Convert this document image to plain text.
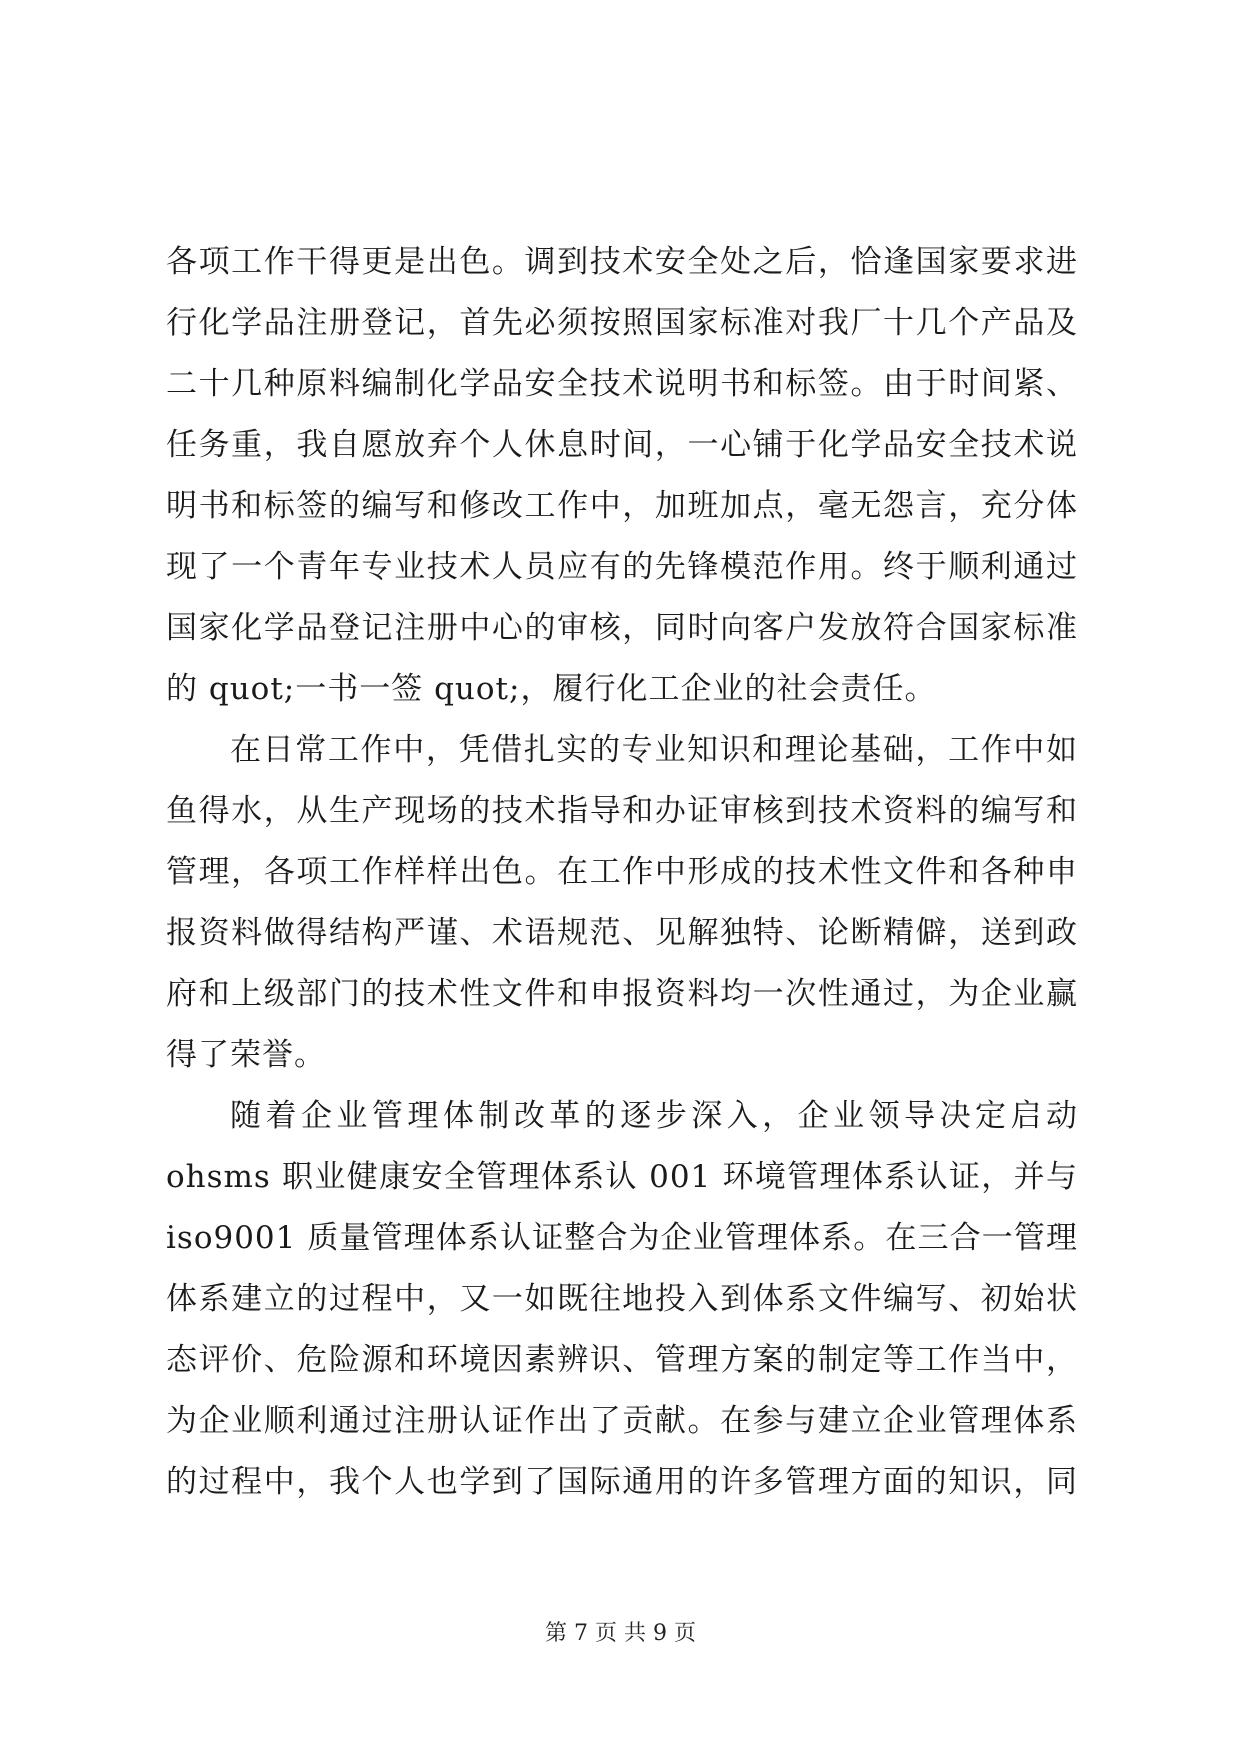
各项工作干得更是出色。调到技术安全处之后，恰逢国家要求进
行化学品注册登记，首先必须按照国家标准对我厂十几个产品及
二十几种原料编制化学品安全技术说明书和标签。由于时间紧、
任务重，我自愿放弃个人休息时间，一心铺于化学品安全技术说
明书和标签的编写和修改工作中，加班加点，毫无怨言，充分体
现了一个青年专业技术人员应有的先锋模范作用。终于顺利通过
国家化学品登记注册中心的审核，同时向客户发放符合国家标准
的 quot;一书一签 quot;，履行化工企业的社会责任。
在日常工作中，凭借扎实的专业知识和理论基础，工作中如
鱼得水，从生产现场的技术指导和办证审核到技术资料的编写和
管理，各项工作样样出色。在工作中形成的技术性文件和各种申
报资料做得结构严谨、术语规范、见解独特、论断精僻，送到政
府和上级部门的技术性文件和申报资料均一次性通过，为企业赢
得了荣誉。
随着企业管理体制改革的逐步深入，企业领导决定启动
ohsms 职业健康安全管理体系认 001 环境管理体系认证，并与
iso9001 质量管理体系认证整合为企业管理体系。在三合一管理
体系建立的过程中，又一如既往地投入到体系文件编写、初始状
态评价、危险源和环境因素辨识、管理方案的制定等工作当中，
为企业顺利通过注册认证作出了贡献。在参与建立企业管理体系
的过程中，我个人也学到了国际通用的许多管理方面的知识，同
第 7 页 共 9 页
